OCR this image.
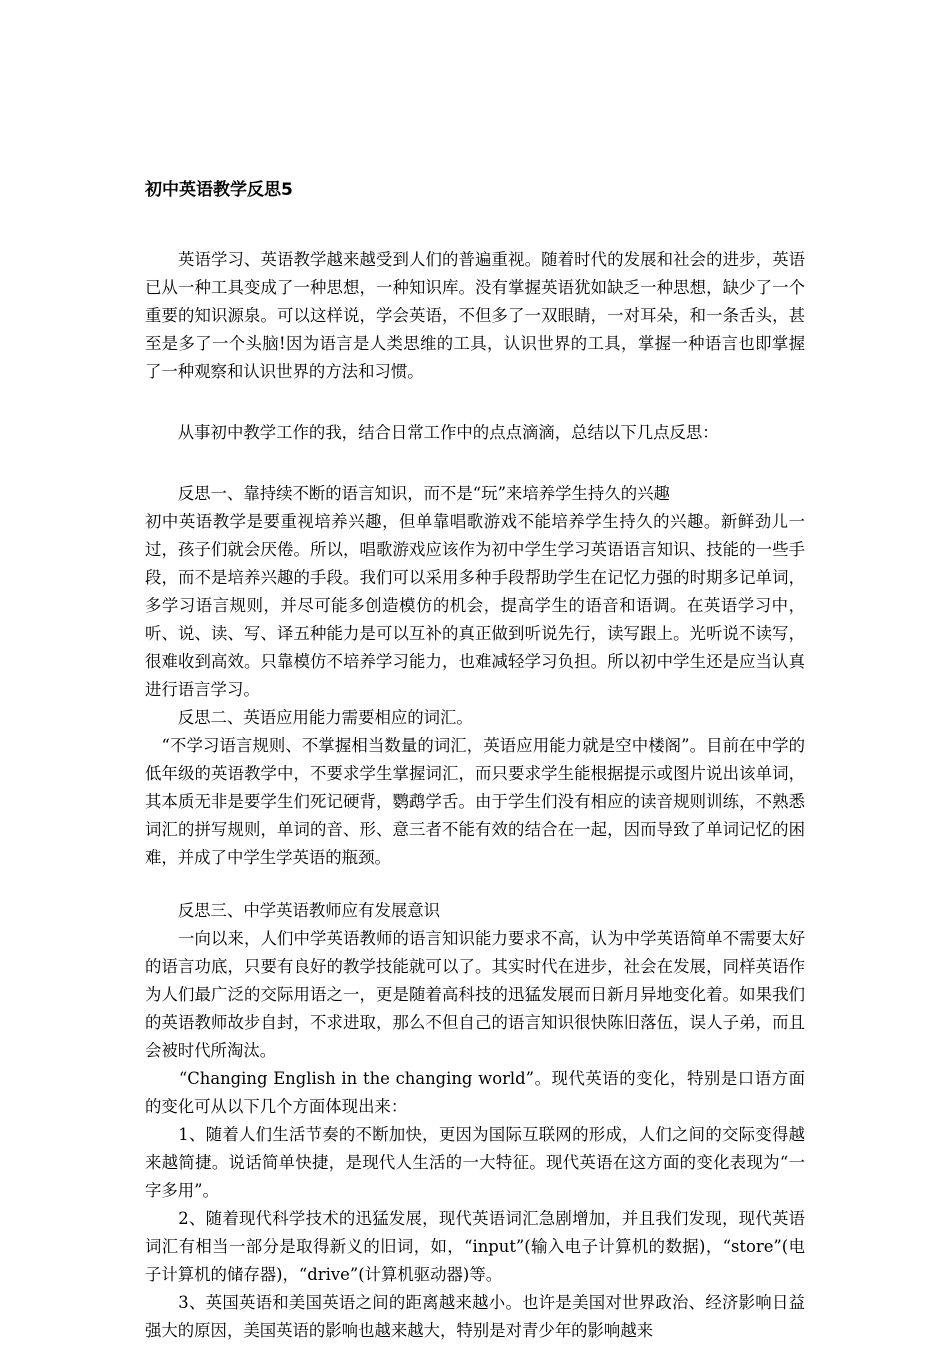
初中英语教学反思5

　　英语学习、英语教学越来越受到人们的普遍重视。随着时代的发展和社会的进步，英语已从一种工具变成了一种思想，一种知识库。没有掌握英语犹如缺乏一种思想，缺少了一个重要的知识源泉。可以这样说，学会英语，不但多了一双眼睛，一对耳朵，和一条舌头，甚至是多了一个头脑!因为语言是人类思维的工具，认识世界的工具，掌握一种语言也即掌握了一种观察和认识世界的方法和习惯。

　　从事初中教学工作的我，结合日常工作中的点点滴滴，总结以下几点反思：

　　反思一、靠持续不断的语言知识，而不是“玩”来培养学生持久的兴趣

初中英语教学是要重视培养兴趣，但单靠唱歌游戏不能培养学生持久的兴趣。新鲜劲儿一过，孩子们就会厌倦。所以，唱歌游戏应该作为初中学生学习英语语言知识、技能的一些手段，而不是培养兴趣的手段。我们可以采用多种手段帮助学生在记忆力强的时期多记单词，多学习语言规则，并尽可能多创造模仿的机会，提高学生的语音和语调。在英语学习中，听、说、读、写、译五种能力是可以互补的真正做到听说先行，读写跟上。光听说不读写，很难收到高效。只靠模仿不培养学习能力，也难减轻学习负担。所以初中学生还是应当认真进行语言学习。

　　反思二、英语应用能力需要相应的词汇。

　“不学习语言规则、不掌握相当数量的词汇，英语应用能力就是空中楼阁”。目前在中学的低年级的英语教学中，不要求学生掌握词汇，而只要求学生能根据提示或图片说出该单词，其本质无非是要学生们死记硬背，鹦鹉学舌。由于学生们没有相应的读音规则训练，不熟悉词汇的拼写规则，单词的音、形、意三者不能有效的结合在一起，因而导致了单词记忆的困难，并成了中学生学英语的瓶颈。

　　反思三、中学英语教师应有发展意识

　　一向以来，人们中学英语教师的语言知识能力要求不高，认为中学英语简单不需要太好的语言功底，只要有良好的教学技能就可以了。其实时代在进步，社会在发展，同样英语作为人们最广泛的交际用语之一，更是随着高科技的迅猛发展而日新月异地变化着。如果我们的英语教师故步自封，不求进取，那么不但自己的语言知识很快陈旧落伍，误人子弟，而且会被时代所淘汰。

　　“Changing English in the changing world”。现代英语的变化，特别是口语方面的变化可从以下几个方面体现出来：

　　1、随着人们生活节奏的不断加快，更因为国际互联网的形成，人们之间的交际变得越来越简捷。说话简单快捷，是现代人生活的一大特征。现代英语在这方面的变化表现为“一字多用”。

　　2、随着现代科学技术的迅猛发展，现代英语词汇急剧增加，并且我们发现，现代英语词汇有相当一部分是取得新义的旧词，如，“input”(输入电子计算机的数据)，“store”(电子计算机的储存器)，“drive”(计算机驱动器)等。

　　3、英国英语和美国英语之间的距离越来越小。也许是美国对世界政治、经济影响日益强大的原因，美国英语的影响也越来越大，特别是对青少年的影响越来
